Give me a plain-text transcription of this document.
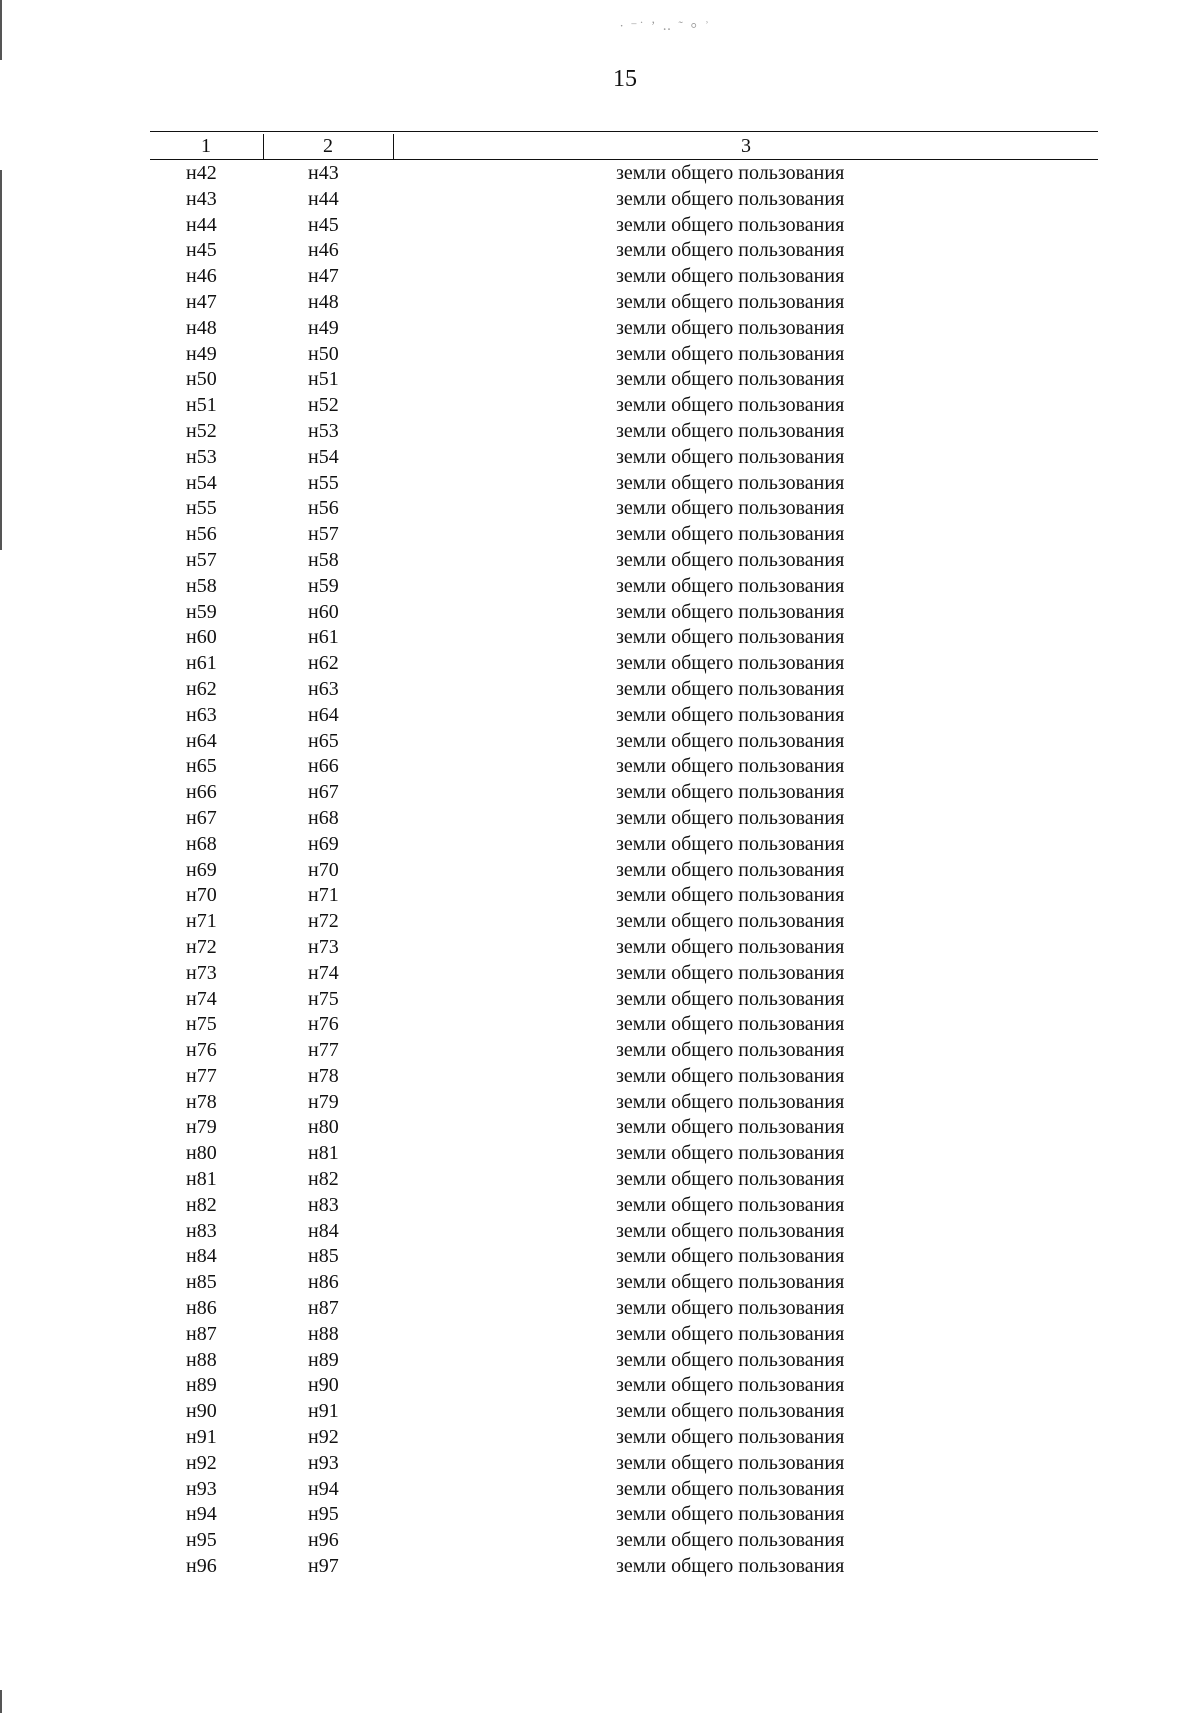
∙ ⁻˙ ʼ ‥ ˜ ⸰ ʾ
15
1	2	3
н42	н43	земли общего пользования
н43	н44	земли общего пользования
н44	н45	земли общего пользования
н45	н46	земли общего пользования
н46	н47	земли общего пользования
н47	н48	земли общего пользования
н48	н49	земли общего пользования
н49	н50	земли общего пользования
н50	н51	земли общего пользования
н51	н52	земли общего пользования
н52	н53	земли общего пользования
н53	н54	земли общего пользования
н54	н55	земли общего пользования
н55	н56	земли общего пользования
н56	н57	земли общего пользования
н57	н58	земли общего пользования
н58	н59	земли общего пользования
н59	н60	земли общего пользования
н60	н61	земли общего пользования
н61	н62	земли общего пользования
н62	н63	земли общего пользования
н63	н64	земли общего пользования
н64	н65	земли общего пользования
н65	н66	земли общего пользования
н66	н67	земли общего пользования
н67	н68	земли общего пользования
н68	н69	земли общего пользования
н69	н70	земли общего пользования
н70	н71	земли общего пользования
н71	н72	земли общего пользования
н72	н73	земли общего пользования
н73	н74	земли общего пользования
н74	н75	земли общего пользования
н75	н76	земли общего пользования
н76	н77	земли общего пользования
н77	н78	земли общего пользования
н78	н79	земли общего пользования
н79	н80	земли общего пользования
н80	н81	земли общего пользования
н81	н82	земли общего пользования
н82	н83	земли общего пользования
н83	н84	земли общего пользования
н84	н85	земли общего пользования
н85	н86	земли общего пользования
н86	н87	земли общего пользования
н87	н88	земли общего пользования
н88	н89	земли общего пользования
н89	н90	земли общего пользования
н90	н91	земли общего пользования
н91	н92	земли общего пользования
н92	н93	земли общего пользования
н93	н94	земли общего пользования
н94	н95	земли общего пользования
н95	н96	земли общего пользования
н96	н97	земли общего пользования
